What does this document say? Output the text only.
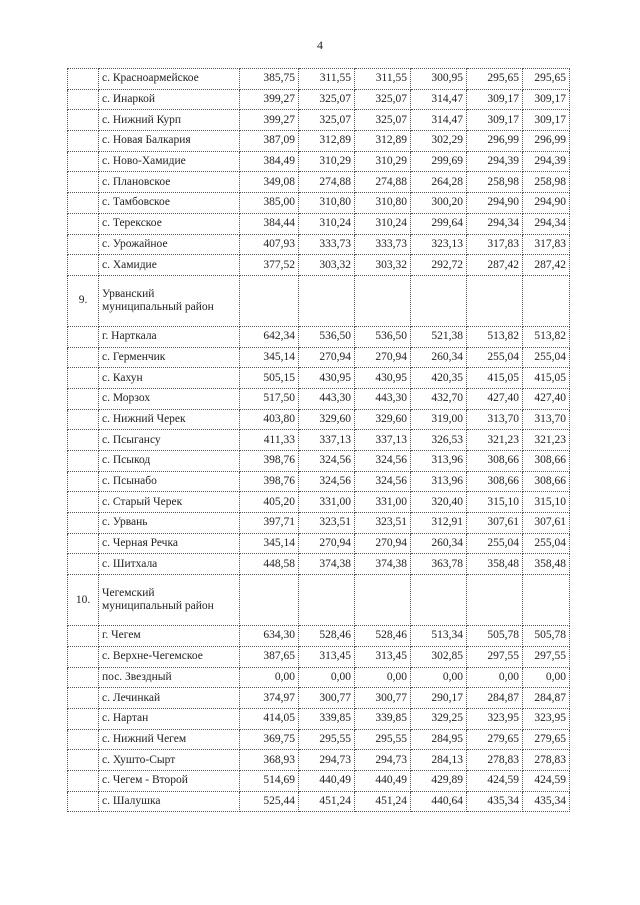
4
	с. Красноармейское	385,75	311,55	311,55	300,95	295,65	295,65
	с. Инаркой	399,27	325,07	325,07	314,47	309,17	309,17
	с. Нижний Курп	399,27	325,07	325,07	314,47	309,17	309,17
	с. Новая Балкария	387,09	312,89	312,89	302,29	296,99	296,99
	с. Ново-Хамидие	384,49	310,29	310,29	299,69	294,39	294,39
	с. Плановское	349,08	274,88	274,88	264,28	258,98	258,98
	с. Тамбовское	385,00	310,80	310,80	300,20	294,90	294,90
	с. Терекское	384,44	310,24	310,24	299,64	294,34	294,34
	с. Урожайное	407,93	333,73	333,73	323,13	317,83	317,83
	с. Хамидие	377,52	303,32	303,32	292,72	287,42	287,42
9.	Урванский муниципальный район						
	г. Нарткала	642,34	536,50	536,50	521,38	513,82	513,82
	с. Герменчик	345,14	270,94	270,94	260,34	255,04	255,04
	с. Кахун	505,15	430,95	430,95	420,35	415,05	415,05
	с. Морзох	517,50	443,30	443,30	432,70	427,40	427,40
	с. Нижний Черек	403,80	329,60	329,60	319,00	313,70	313,70
	с. Псыгансу	411,33	337,13	337,13	326,53	321,23	321,23
	с. Псыкод	398,76	324,56	324,56	313,96	308,66	308,66
	с. Псынабо	398,76	324,56	324,56	313,96	308,66	308,66
	с. Старый Черек	405,20	331,00	331,00	320,40	315,10	315,10
	с. Урвань	397,71	323,51	323,51	312,91	307,61	307,61
	с. Черная Речка	345,14	270,94	270,94	260,34	255,04	255,04
	с. Шитхала	448,58	374,38	374,38	363,78	358,48	358,48
10.	Чегемский муниципальный район						
	г. Чегем	634,30	528,46	528,46	513,34	505,78	505,78
	с. Верхне-Чегемское	387,65	313,45	313,45	302,85	297,55	297,55
	пос. Звездный	0,00	0,00	0,00	0,00	0,00	0,00
	с. Лечинкай	374,97	300,77	300,77	290,17	284,87	284,87
	с. Нартан	414,05	339,85	339,85	329,25	323,95	323,95
	с. Нижний Чегем	369,75	295,55	295,55	284,95	279,65	279,65
	с. Хушто-Сырт	368,93	294,73	294,73	284,13	278,83	278,83
	с. Чегем - Второй	514,69	440,49	440,49	429,89	424,59	424,59
	с. Шалушка	525,44	451,24	451,24	440,64	435,34	435,34
